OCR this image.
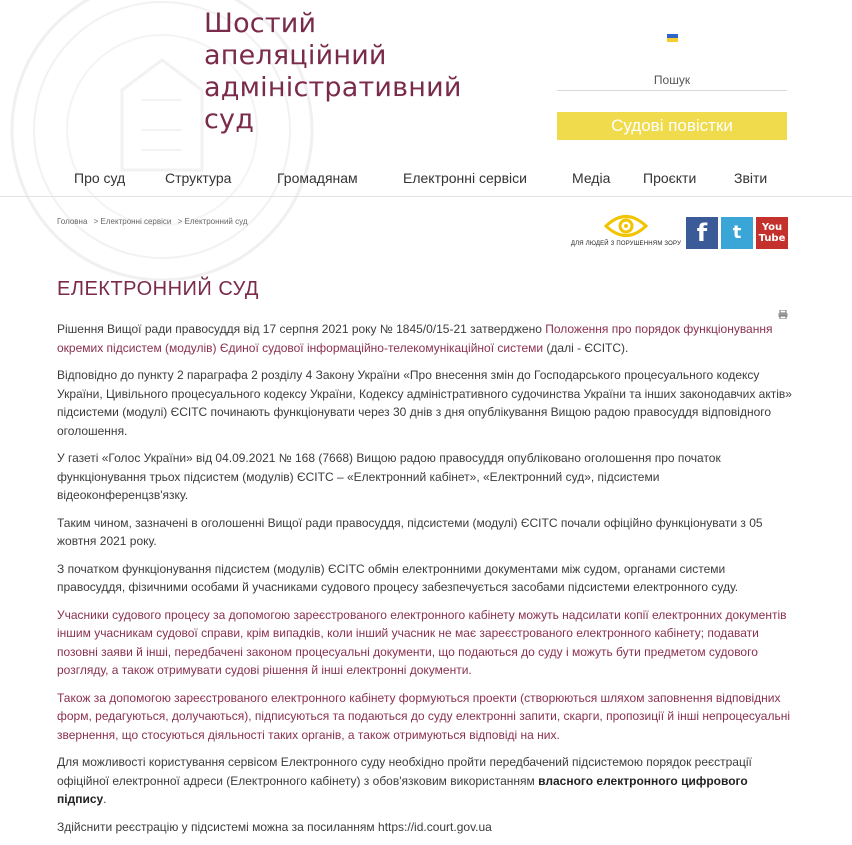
Шостий
апеляційний
адміністративний
суд
Пошук
Судові повістки
Про суд	Структура	Громадянам	Електронні сервіси	Медіа Проєкти	Звіти
Головна > Електронні сервіси > Електронний суд
ДЛЯ ЛЮДЕЙ З ПОРУШЕННЯМ ЗОРУ f	t	You
Tube
ЕЛЕКТРОННИЙ СУД

Рішення Вищої ради правосуддя від 17 серпня 2021 року № 1845/0/15-21 затверджено Положення про порядок функціонування окремих підсистем (модулів) Єдиної судової інформаційно-телекомунікаційної системи (далі - ЄСІТС).

Відповідно до пункту 2 параграфа 2 розділу 4 Закону України «Про внесення змін до Господарського процесуального кодексу України, Цивільного процесуального кодексу України, Кодексу адміністративного судочинства України та інших законодавчих актів» підсистеми (модулі) ЄСІТС починають функціонувати через 30 днів з дня опублікування Вищою радою правосуддя відповідного оголошення.

У газеті «Голос України» від 04.09.2021 № 168 (7668) Вищою радою правосуддя опубліковано оголошення про початок функціонування трьох підсистем (модулів) ЄСІТС – «Електронний кабінет», «Електронний суд», підсистеми відеоконференцзв'язку.

Таким чином, зазначені в оголошенні Вищої ради правосуддя, підсистеми (модулі) ЄСІТС почали офіційно функціонувати з 05 жовтня 2021 року.

З початком функціонування підсистем (модулів) ЄСІТС обмін електронними документами між судом, органами системи правосуддя, фізичними особами й учасниками судового процесу забезпечується засобами підсистеми електронного суду.

Учасники судового процесу за допомогою зареєстрованого електронного кабінету можуть надсилати копії електронних документів іншим учасникам судової справи, крім випадків, коли інший учасник не має зареєстрованого електронного кабінету; подавати позовні заяви й інші, передбачені законом процесуальні документи, що подаються до суду і можуть бути предметом судового розгляду, а також отримувати судові рішення й інші електронні документи.

Також за допомогою зареєстрованого електронного кабінету формуються проекти (створюються шляхом заповнення відповідних форм, редагуються, долучаються), підписуються та подаються до суду електронні запити, скарги, пропозиції й інші непроцесуальні звернення, що стосуються діяльності таких органів, а також отримуються відповіді на них.

Для можливості користування сервісом Електронного суду необхідно пройти передбачений підсистемою порядок реєстрації офіційної електронної адреси (Електронного кабінету) з обов'язковим використанням власного електронного цифрового підпису.

Здійснити реєстрацію у підсистемі можна за посиланням https://id.court.gov.ua
